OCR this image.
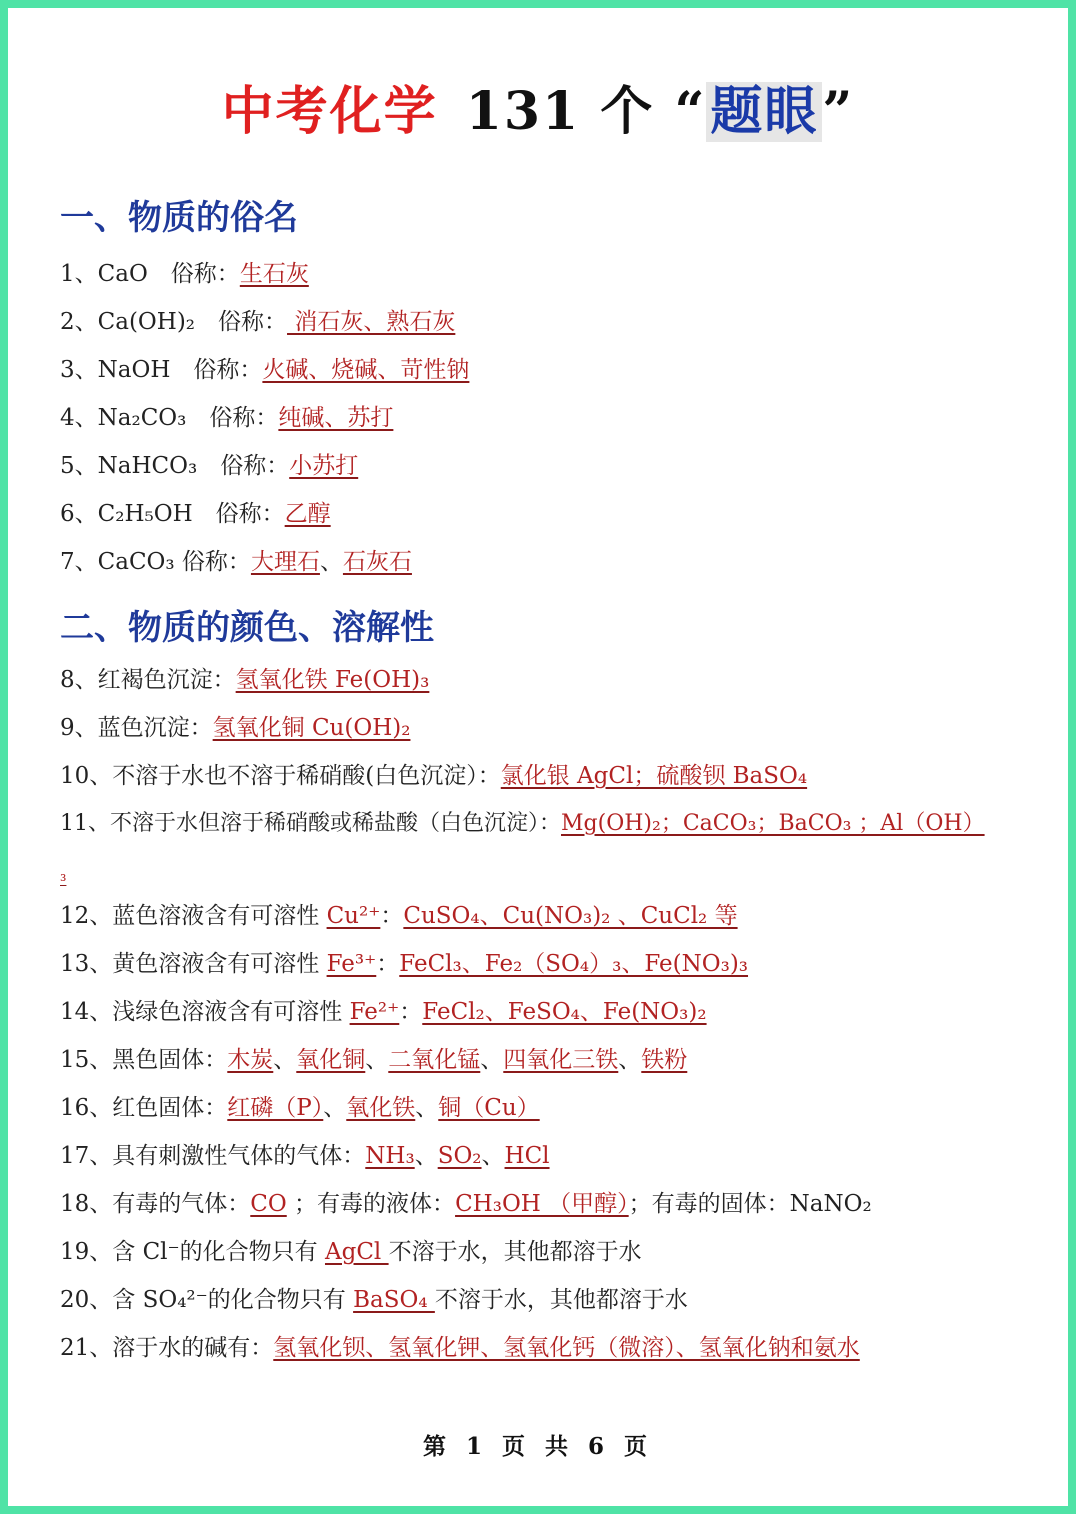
中考化学 131 个 “题眼”
一、物质的俗名
1、CaO　俗称：生石灰
2、Ca(OH)₂　俗称： 消石灰、熟石灰
3、NaOH　俗称：火碱、烧碱、苛性钠
4、Na₂CO₃　俗称：纯碱、苏打
5、NaHCO₃　俗称：小苏打
6、C₂H₅OH　俗称：乙醇
7、CaCO₃ 俗称：大理石、石灰石
二、物质的颜色、溶解性
8、红褐色沉淀：氢氧化铁 Fe(OH)₃
9、蓝色沉淀：氢氧化铜 Cu(OH)₂
10、不溶于水也不溶于稀硝酸(白色沉淀）：氯化银 AgCl；硫酸钡 BaSO₄
11、不溶于水但溶于稀硝酸或稀盐酸（白色沉淀）：Mg(OH)₂；CaCO₃；BaCO₃ ；Al（OH）
₃
12、蓝色溶液含有可溶性 Cu²⁺：CuSO₄、Cu(NO₃)₂ 、CuCl₂ 等
13、黄色溶液含有可溶性 Fe³⁺：FeCl₃、Fe₂（SO₄）₃、Fe(NO₃)₃
14、浅绿色溶液含有可溶性 Fe²⁺：FeCl₂、FeSO₄、Fe(NO₃)₂
15、黑色固体：木炭、氧化铜、二氧化锰、四氧化三铁、铁粉
16、红色固体：红磷（P）、氧化铁、铜（Cu）
17、具有刺激性气体的气体：NH₃、SO₂、HCl
18、有毒的气体：CO ；有毒的液体：CH₃OH （甲醇）；有毒的固体：NaNO₂
19、含 Cl⁻的化合物只有 AgCl 不溶于水，其他都溶于水
20、含 SO₄²⁻的化合物只有 BaSO₄ 不溶于水，其他都溶于水
21、溶于水的碱有：氢氧化钡、氢氧化钾、氢氧化钙（微溶）、氢氧化钠和氨水
第 1 页 共 6 页
